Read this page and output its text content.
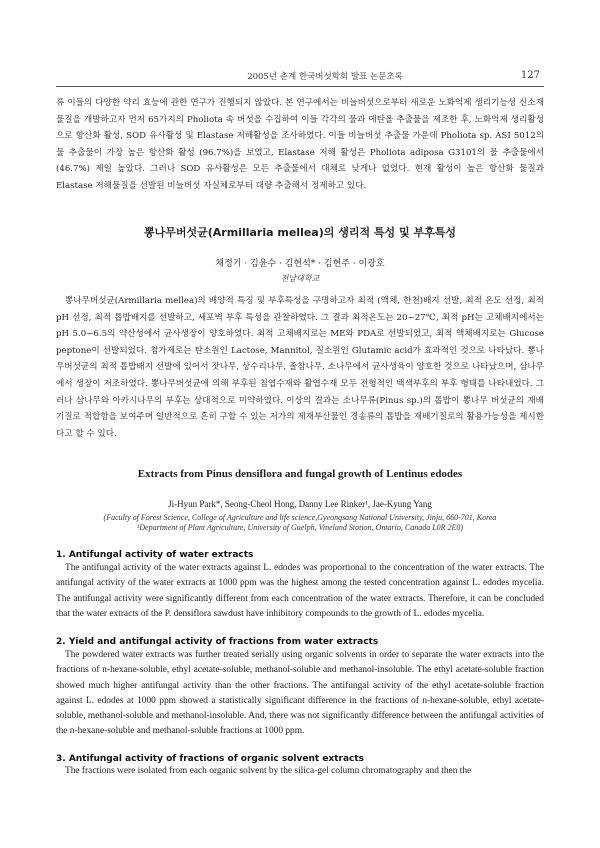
2005년 춘계 한국버섯학회 발표 논문초록	127

류 이들의 다양한 약리 효능에 관한 연구가 진행되지 않았다. 본 연구에서는 비늘버섯으로부터 새로운 노화억제 생리기능성 신소재 물질을 개발하고자 먼저 65가지의 Pholiota 속 버섯을 수집하여 이들 각각의 물과 메탄올 추출물을 제조한 후, 노화억제 생리활성으로 항산화 활성, SOD 유사활성 및 Elastase 저해활성을 조사하였다. 이들 비늘버섯 추출물 가운데 Pholiota sp. ASI 5012의 물 추출물이 가장 높은 항산화 활성 (96.7%)을 보였고, Elastase 저해 활성은 Pholiota adiposa G3101의 물 추출물에서 (46.7%) 제일 높았다. 그러나 SOD 유사활성은 모든 추출물에서 대체로 낮게나 없었다. 현재 활성이 높은 항산화 물질과 Elastase 저해물질을 선발된 비늘버섯 자실체로부터 대량 추출해서 정제하고 있다.

뽕나무버섯균(Armillaria mellea)의 생리적 특성 및 부후특성
채정기 · 김윤수 · 김현석* · 김현주 · 이광호
전남대학교

뽕나무버섯균(Armillaria mellea)의 배양적 특징 및 부후특성을 구명하고자 최적 (액체, 한천)배지 선발, 최적 온도 선정, 최적 pH 선정, 최적 톱밥배지를 선발하고, 세포벽 부후 특성을 관찰하였다. 그 결과 최적온도는 20~27℃, 최적 pH는 고체배지에서는 pH 5.0~6.5의 약산성에서 균사생장이 양호하였다. 최적 고체배지로는 ME와 PDA로 선발되었고, 최적 액체배지로는 Glucose peptone이 선발되었다. 첨가제로는 탄소원인 Lactose, Mannitol, 질소원인 Glutamic acid가 효과적인 것으로 나타났다. 뽕나무버섯균의 최적 톱밥배지 선발에 있어서 잣나무, 상수리나무, 졸참나무, 소나무에서 균사생육이 양호한 것으로 나타났으며, 삼나무에서 생장이 저조하였다. 뽕나무버섯균에 의해 부후된 침엽수재와 활엽수재 모두 전형적인 백색부후의 부후 형태를 나타내었다. 그러나 삼나무와 아카시나무의 부후는 상대적으로 미약하였다. 이상의 결과는 소나무류(Pinus sp.)의 톱밥이 뽕나무 버섯균의 재배기질로 적합함을 보여주며 일반적으로 흔히 구할 수 있는 저가의 제재부산물인 경송류의 톱밥을 재배기질로의 활용가능성을 제시한다고 할 수 있다.

Extracts from Pinus densiflora and fungal growth of Lentinus edodes
Ji-Hyun Park*, Seong-Cheol Hong, Danny Lee Rinker¹, Jae-Kyung Yang
(Faculty of Forest Science, College of Agriculture and life science,Gyeongsang National University, Jinju, 660-701, Korea
¹Department of Plant Agriculture, University of Guelph, Vineland Station, Ontario, Canada L0R 2E0)
1. Antifungal activity of water extracts

The antifungal activity of the water extracts against L. edodes was proportional to the concentration of the water extracts. The antifungal activity of the water extracts at 1000 ppm was the highest among the tested concentration against L. edodes mycelia. The antifungal activity were significantly different from each concentration of the water extracts. Therefore, it can be concluded that the water extracts of the P. densiflora sawdust have inhibitory compounds to the growth of L. edodes mycelia.

2. Yield and antifungal activity of fractions from water extracts

The powdered water extracts was further treated serially using organic solvents in order to separate the water extracts into the fractions of n-hexane-soluble, ethyl acetate-soluble, methanol-soluble and methanol-insoluble. The ethyl acetate-soluble fraction showed much higher antifungal activity than the other fractions. The antifungal activity of the ethyl acetate-soluble fraction against L. edodes at 1000 ppm showed a statistically significant difference in the fractions of n-hexane-soluble, ethyl acetate-soluble, methanol-soluble and methanol-insoluble. And, there was not significantly difference between the antifungal activities of the n-hexane-soluble and methanol-soluble fractions at 1000 ppm.

3. Antifungal activity of fractions of organic solvent extracts

The fractions were isolated from each organic solvent by the silica-gel column chromatography and then the
